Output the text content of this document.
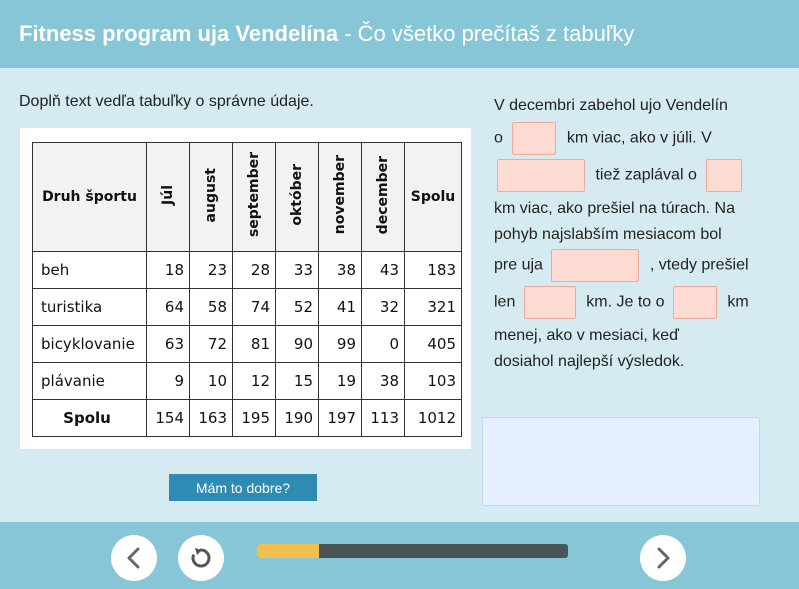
Fitness program uja Vendelína - Čo všetko prečítaš z tabuľky
Doplň text vedľa tabuľky o správne údaje.
Druh športu	Júl	august	september	október	november	december	Spolu
beh	18	23	28	33	38	43	183
turistika	64	58	74	52	41	32	321
bicyklovanie	63	72	81	90	99	0	405
plávanie	9	10	12	15	19	38	103
Spolu	154	163	195	190	197	113	1012
Mám to dobre?
V decembri zabehol ujo Vendelín
o	km viac, ako v júli. V
tiež zaplával o
km viac, ako prešiel na túrach. Na
pohyb najslabším mesiacom bol
pre uja	, vtedy prešiel
len	km. Je to o	km
menej, ako v mesiaci, keď
dosiahol najlepší výsledok.
